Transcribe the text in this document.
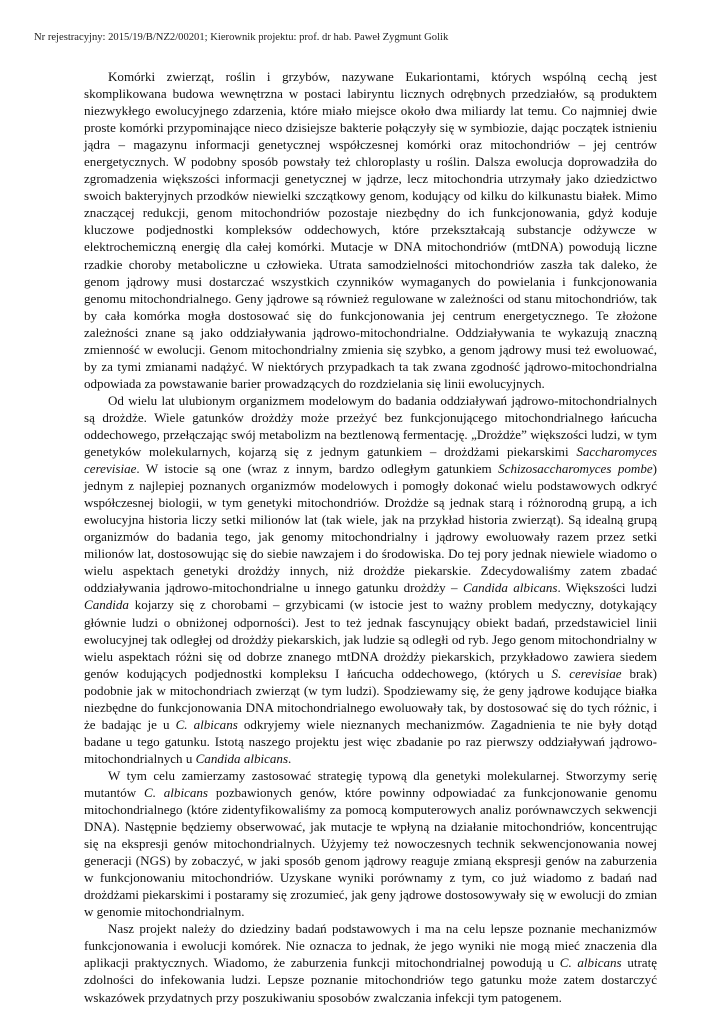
Nr rejestracyjny: 2015/19/B/NZ2/00201; Kierownik projektu: prof. dr hab. Paweł Zygmunt Golik

Komórki zwierząt, roślin i grzybów, nazywane Eukariontami, których wspólną cechą jest skomplikowana budowa wewnętrzna w postaci labiryntu licznych odrębnych przedziałów, są produktem niezwykłego ewolucyjnego zdarzenia, które miało miejsce około dwa miliardy lat temu. Co najmniej dwie proste komórki przypominające nieco dzisiejsze bakterie połączyły się w symbiozie, dając początek istnieniu jądra – magazynu informacji genetycznej współczesnej komórki oraz mitochondriów – jej centrów energetycznych. W podobny sposób powstały też chloroplasty u roślin. Dalsza ewolucja doprowadziła do zgromadzenia większości informacji genetycznej w jądrze, lecz mitochondria utrzymały jako dziedzictwo swoich bakteryjnych przodków niewielki szczątkowy genom, kodujący od kilku do kilkunastu białek. Mimo znaczącej redukcji, genom mitochondriów pozostaje niezbędny do ich funkcjonowania, gdyż koduje kluczowe podjednostki kompleksów oddechowych, które przekształcają substancje odżywcze w elektrochemiczną energię dla całej komórki. Mutacje w DNA mitochondriów (mtDNA) powodują liczne rzadkie choroby metaboliczne u człowieka. Utrata samodzielności mitochondriów zaszła tak daleko, że genom jądrowy musi dostarczać wszystkich czynników wymaganych do powielania i funkcjonowania genomu mitochondrialnego. Geny jądrowe są również regulowane w zależności od stanu mitochondriów, tak by cała komórka mogła dostosować się do funkcjonowania jej centrum energetycznego. Te złożone zależności znane są jako oddziaływania jądrowo-mitochondrialne. Oddziaływania te wykazują znaczną zmienność w ewolucji. Genom mitochondrialny zmienia się szybko, a genom jądrowy musi też ewoluować, by za tymi zmianami nadążyć. W niektórych przypadkach ta tak zwana zgodność jądrowo-mitochondrialna odpowiada za powstawanie barier prowadzących do rozdzielania się linii ewolucyjnych.

Od wielu lat ulubionym organizmem modelowym do badania oddziaływań jądrowo-mitochondrialnych są drożdże. Wiele gatunków drożdży może przeżyć bez funkcjonującego mitochondrialnego łańcucha oddechowego, przełączając swój metabolizm na beztlenową fermentację. „Drożdże” większości ludzi, w tym genetyków molekularnych, kojarzą się z jednym gatunkiem – drożdżami piekarskimi Saccharomyces cerevisiae. W istocie są one (wraz z innym, bardzo odległym gatunkiem Schizosaccharomyces pombe) jednym z najlepiej poznanych organizmów modelowych i pomogły dokonać wielu podstawowych odkryć współczesnej biologii, w tym genetyki mitochondriów. Drożdże są jednak starą i różnorodną grupą, a ich ewolucyjna historia liczy setki milionów lat (tak wiele, jak na przykład historia zwierząt). Są idealną grupą organizmów do badania tego, jak genomy mitochondrialny i jądrowy ewoluowały razem przez setki milionów lat, dostosowując się do siebie nawzajem i do środowiska. Do tej pory jednak niewiele wiadomo o wielu aspektach genetyki drożdży innych, niż drożdże piekarskie. Zdecydowaliśmy zatem zbadać oddziaływania jądrowo-mitochondrialne u innego gatunku drożdży – Candida albicans. Większości ludzi Candida kojarzy się z chorobami – grzybicami (w istocie jest to ważny problem medyczny, dotykający głównie ludzi o obniżonej odporności). Jest to też jednak fascynujący obiekt badań, przedstawiciel linii ewolucyjnej tak odległej od drożdży piekarskich, jak ludzie są odległi od ryb. Jego genom mitochondrialny w wielu aspektach różni się od dobrze znanego mtDNA drożdży piekarskich, przykładowo zawiera siedem genów kodujących podjednostki kompleksu I łańcucha oddechowego, (których u S. cerevisiae brak) podobnie jak w mitochondriach zwierząt (w tym ludzi). Spodziewamy się, że geny jądrowe kodujące białka niezbędne do funkcjonowania DNA mitochondrialnego ewoluowały tak, by dostosować się do tych różnic, i że badając je u C. albicans odkryjemy wiele nieznanych mechanizmów. Zagadnienia te nie były dotąd badane u tego gatunku. Istotą naszego projektu jest więc zbadanie po raz pierwszy oddziaływań jądrowo-mitochondrialnych u Candida albicans.

W tym celu zamierzamy zastosować strategię typową dla genetyki molekularnej. Stworzymy serię mutantów C. albicans pozbawionych genów, które powinny odpowiadać za funkcjonowanie genomu mitochondrialnego (które zidentyfikowaliśmy za pomocą komputerowych analiz porównawczych sekwencji DNA). Następnie będziemy obserwować, jak mutacje te wpłyną na działanie mitochondriów, koncentrując się na ekspresji genów mitochondrialnych. Użyjemy też nowoczesnych technik sekwencjonowania nowej generacji (NGS) by zobaczyć, w jaki sposób genom jądrowy reaguje zmianą ekspresji genów na zaburzenia w funkcjonowaniu mitochondriów. Uzyskane wyniki porównamy z tym, co już wiadomo z badań nad drożdżami piekarskimi i postaramy się zrozumieć, jak geny jądrowe dostosowywały się w ewolucji do zmian w genomie mitochondrialnym.

Nasz projekt należy do dziedziny badań podstawowych i ma na celu lepsze poznanie mechanizmów funkcjonowania i ewolucji komórek. Nie oznacza to jednak, że jego wyniki nie mogą mieć znaczenia dla aplikacji praktycznych. Wiadomo, że zaburzenia funkcji mitochondrialnej powodują u C. albicans utratę zdolności do infekowania ludzi. Lepsze poznanie mitochondriów tego gatunku może zatem dostarczyć wskazówek przydatnych przy poszukiwaniu sposobów zwalczania infekcji tym patogenem.
